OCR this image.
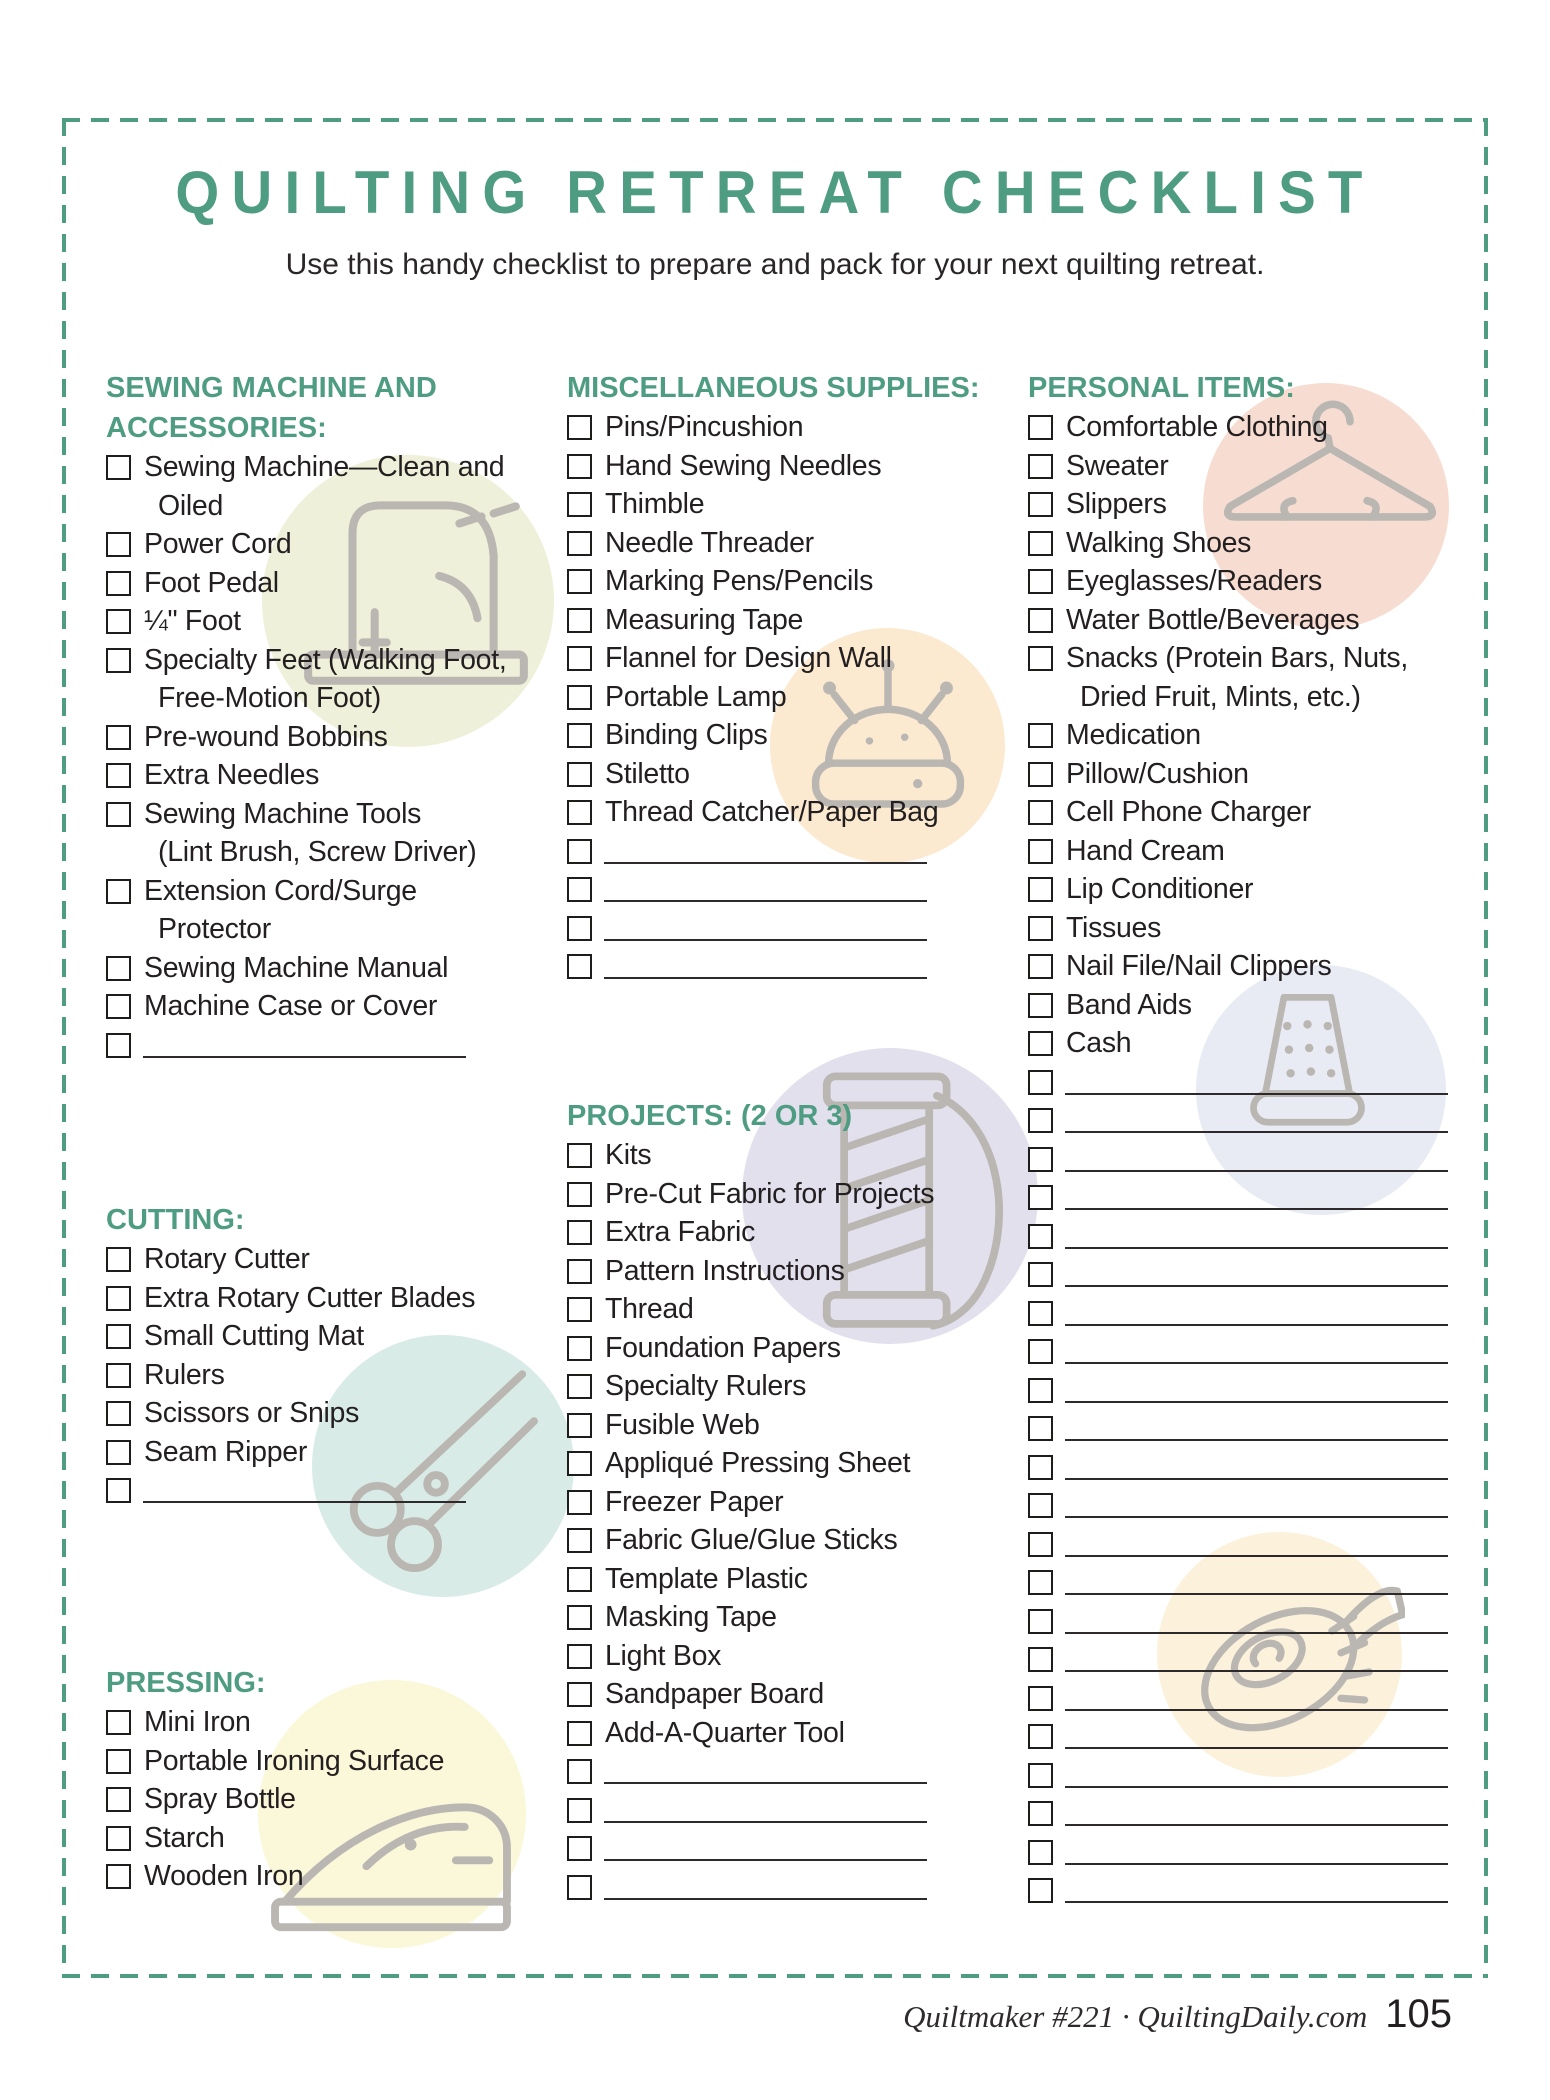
QUILTING RETREAT CHECKLIST
Use this handy checklist to prepare and pack for your next quilting retreat.
SEWING MACHINE AND
ACCESSORIES:
Sewing Machine—Clean and
Oiled
Power Cord
Foot Pedal
¼" Foot
Specialty Feet (Walking Foot,
Free-Motion Foot)
Pre-wound Bobbins
Extra Needles
Sewing Machine Tools
(Lint Brush, Screw Driver)
Extension Cord/Surge
Protector
Sewing Machine Manual
Machine Case or Cover
CUTTING:
Rotary Cutter
Extra Rotary Cutter Blades
Small Cutting Mat
Rulers
Scissors or Snips
Seam Ripper
PRESSING:
Mini Iron
Portable Ironing Surface
Spray Bottle
Starch
Wooden Iron
MISCELLANEOUS SUPPLIES:
Pins/Pincushion
Hand Sewing Needles
Thimble
Needle Threader
Marking Pens/Pencils
Measuring Tape
Flannel for Design Wall
Portable Lamp
Binding Clips
Stiletto
Thread Catcher/Paper Bag
PROJECTS: (2 OR 3)
Kits
Pre-Cut Fabric for Projects
Extra Fabric
Pattern Instructions
Thread
Foundation Papers
Specialty Rulers
Fusible Web
Appliqué Pressing Sheet
Freezer Paper
Fabric Glue/Glue Sticks
Template Plastic
Masking Tape
Light Box
Sandpaper Board
Add-A-Quarter Tool
PERSONAL ITEMS:
Comfortable Clothing
Sweater
Slippers
Walking Shoes
Eyeglasses/Readers
Water Bottle/Beverages
Snacks (Protein Bars, Nuts,
Dried Fruit, Mints, etc.)
Medication
Pillow/Cushion
Cell Phone Charger
Hand Cream
Lip Conditioner
Tissues
Nail File/Nail Clippers
Band Aids
Cash
Quiltmaker #221 · QuiltingDaily.com 105
